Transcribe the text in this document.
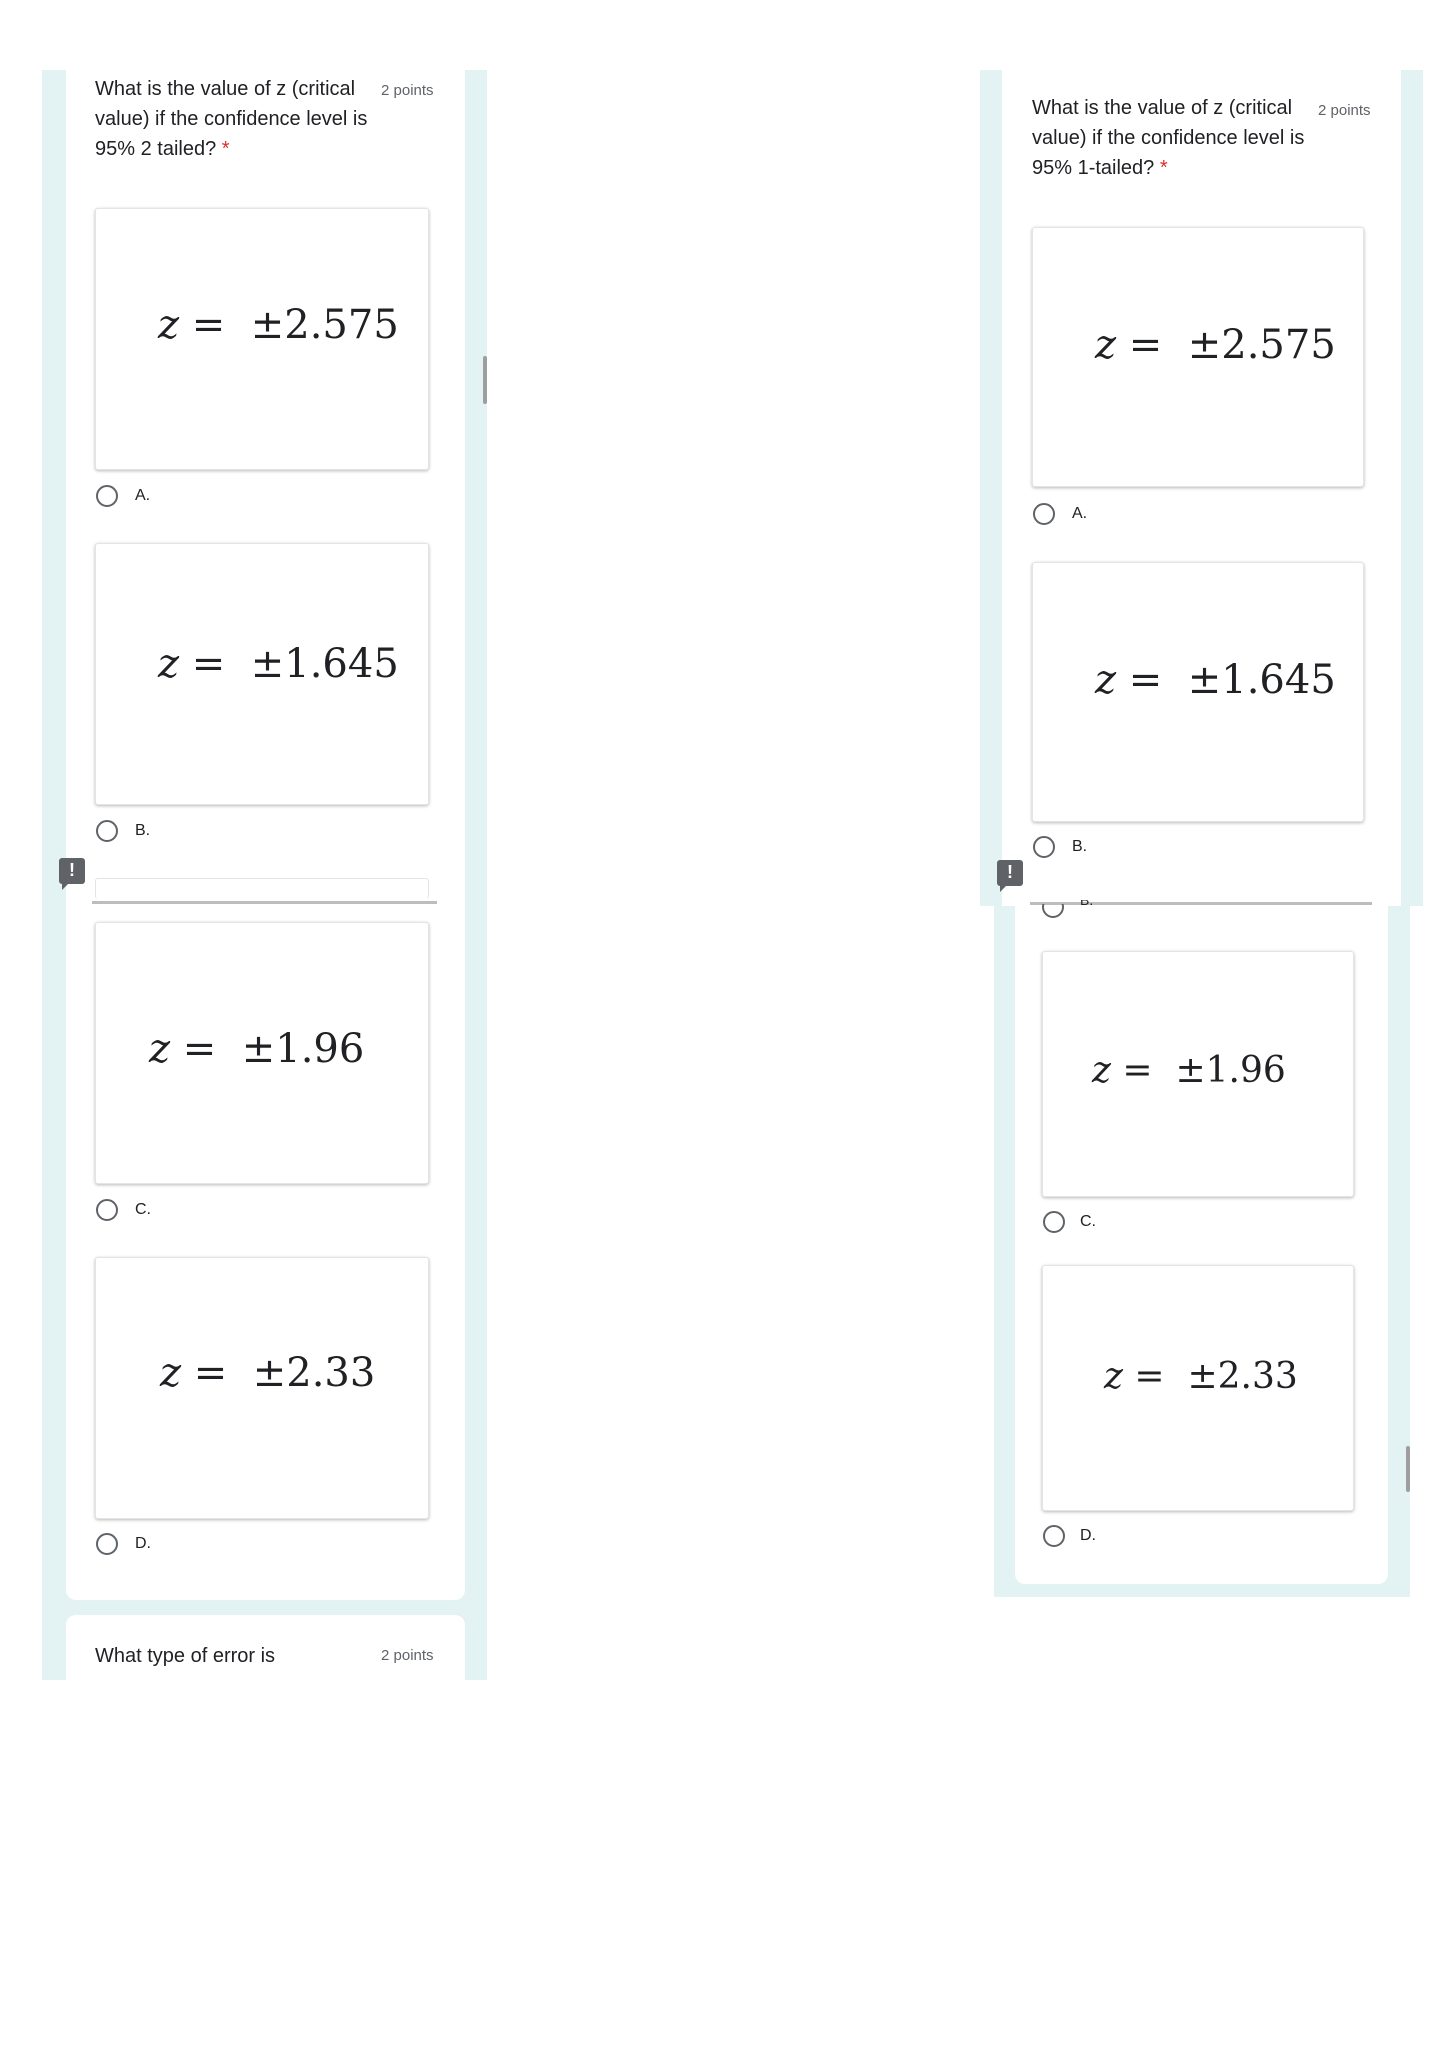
What is the value of z (critical value) if the confidence level is 95% 2 tailed? *
2 points
z = ±2.575
A.
z = ±1.645
B.
!
z = ±1.96
C.
z = ±2.33
D.
What type of error is	2 points
What is the value of z (critical value) if the confidence level is 95% 1-tailed? *
2 points
z = ±2.575
A.
z = ±1.645
B.
!
z = ±1.96
C.
z = ±2.33
D.
